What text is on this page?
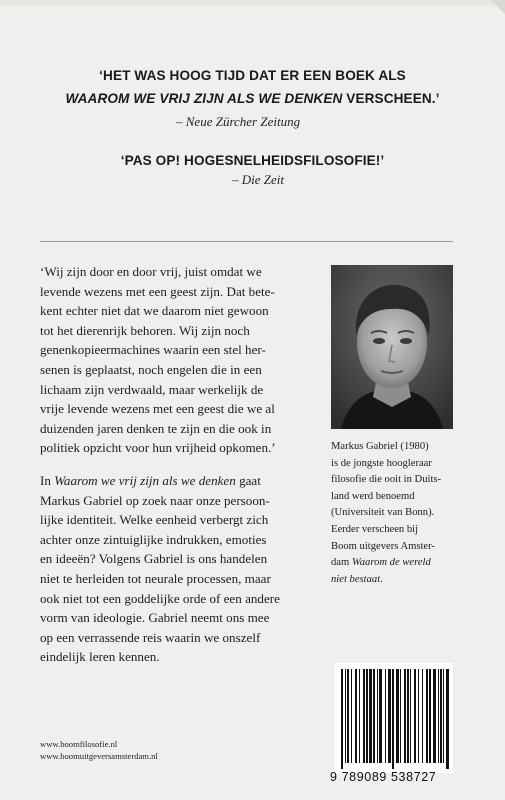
‘HET WAS HOOG TIJD DAT ER EEN BOEK ALS
WAAROM WE VRIJ ZIJN ALS WE DENKEN VERSCHEEN.’
– Neue Zürcher Zeitung
‘PAS OP! HOGESNELHEIDSFILOSOFIE!’
– Die Zeit

‘Wij zijn door en door vrij, juist omdat we
levende wezens met een geest zijn. Dat bete-
kent echter niet dat we daarom niet gewoon
tot het dierenrijk behoren. Wij zijn noch
genenkopieermachines waarin een stel her-
senen is geplaatst, noch engelen die in een
lichaam zijn verdwaald, maar werkelijk de
vrije levende wezens met een geest die we al
duizenden jaren denken te zijn en die ook in
politiek opzicht voor hun vrijheid opkomen.’

In Waarom we vrij zijn als we denken gaat
Markus Gabriel op zoek naar onze persoon-
lijke identiteit. Welke eenheid verbergt zich
achter onze zintuiglijke indrukken, emoties
en ideeën? Volgens Gabriel is ons handelen
niet te herleiden tot neurale processen, maar
ook niet tot een goddelijke orde of een andere
vorm van ideologie. Gabriel neemt ons mee
op een verrassende reis waarin we onszelf
eindelijk leren kennen.

Markus Gabriel (1980)
is de jongste hoogleraar
filosofie die ooit in Duits-
land werd benoemd
(Universiteit van Bonn).
Eerder verscheen bij
Boom uitgevers Amster-
dam Waarom de wereld
niet bestaat.
www.boomfilosofie.nl
www.boomuitgeversamsterdam.nl
9 789089 538727
